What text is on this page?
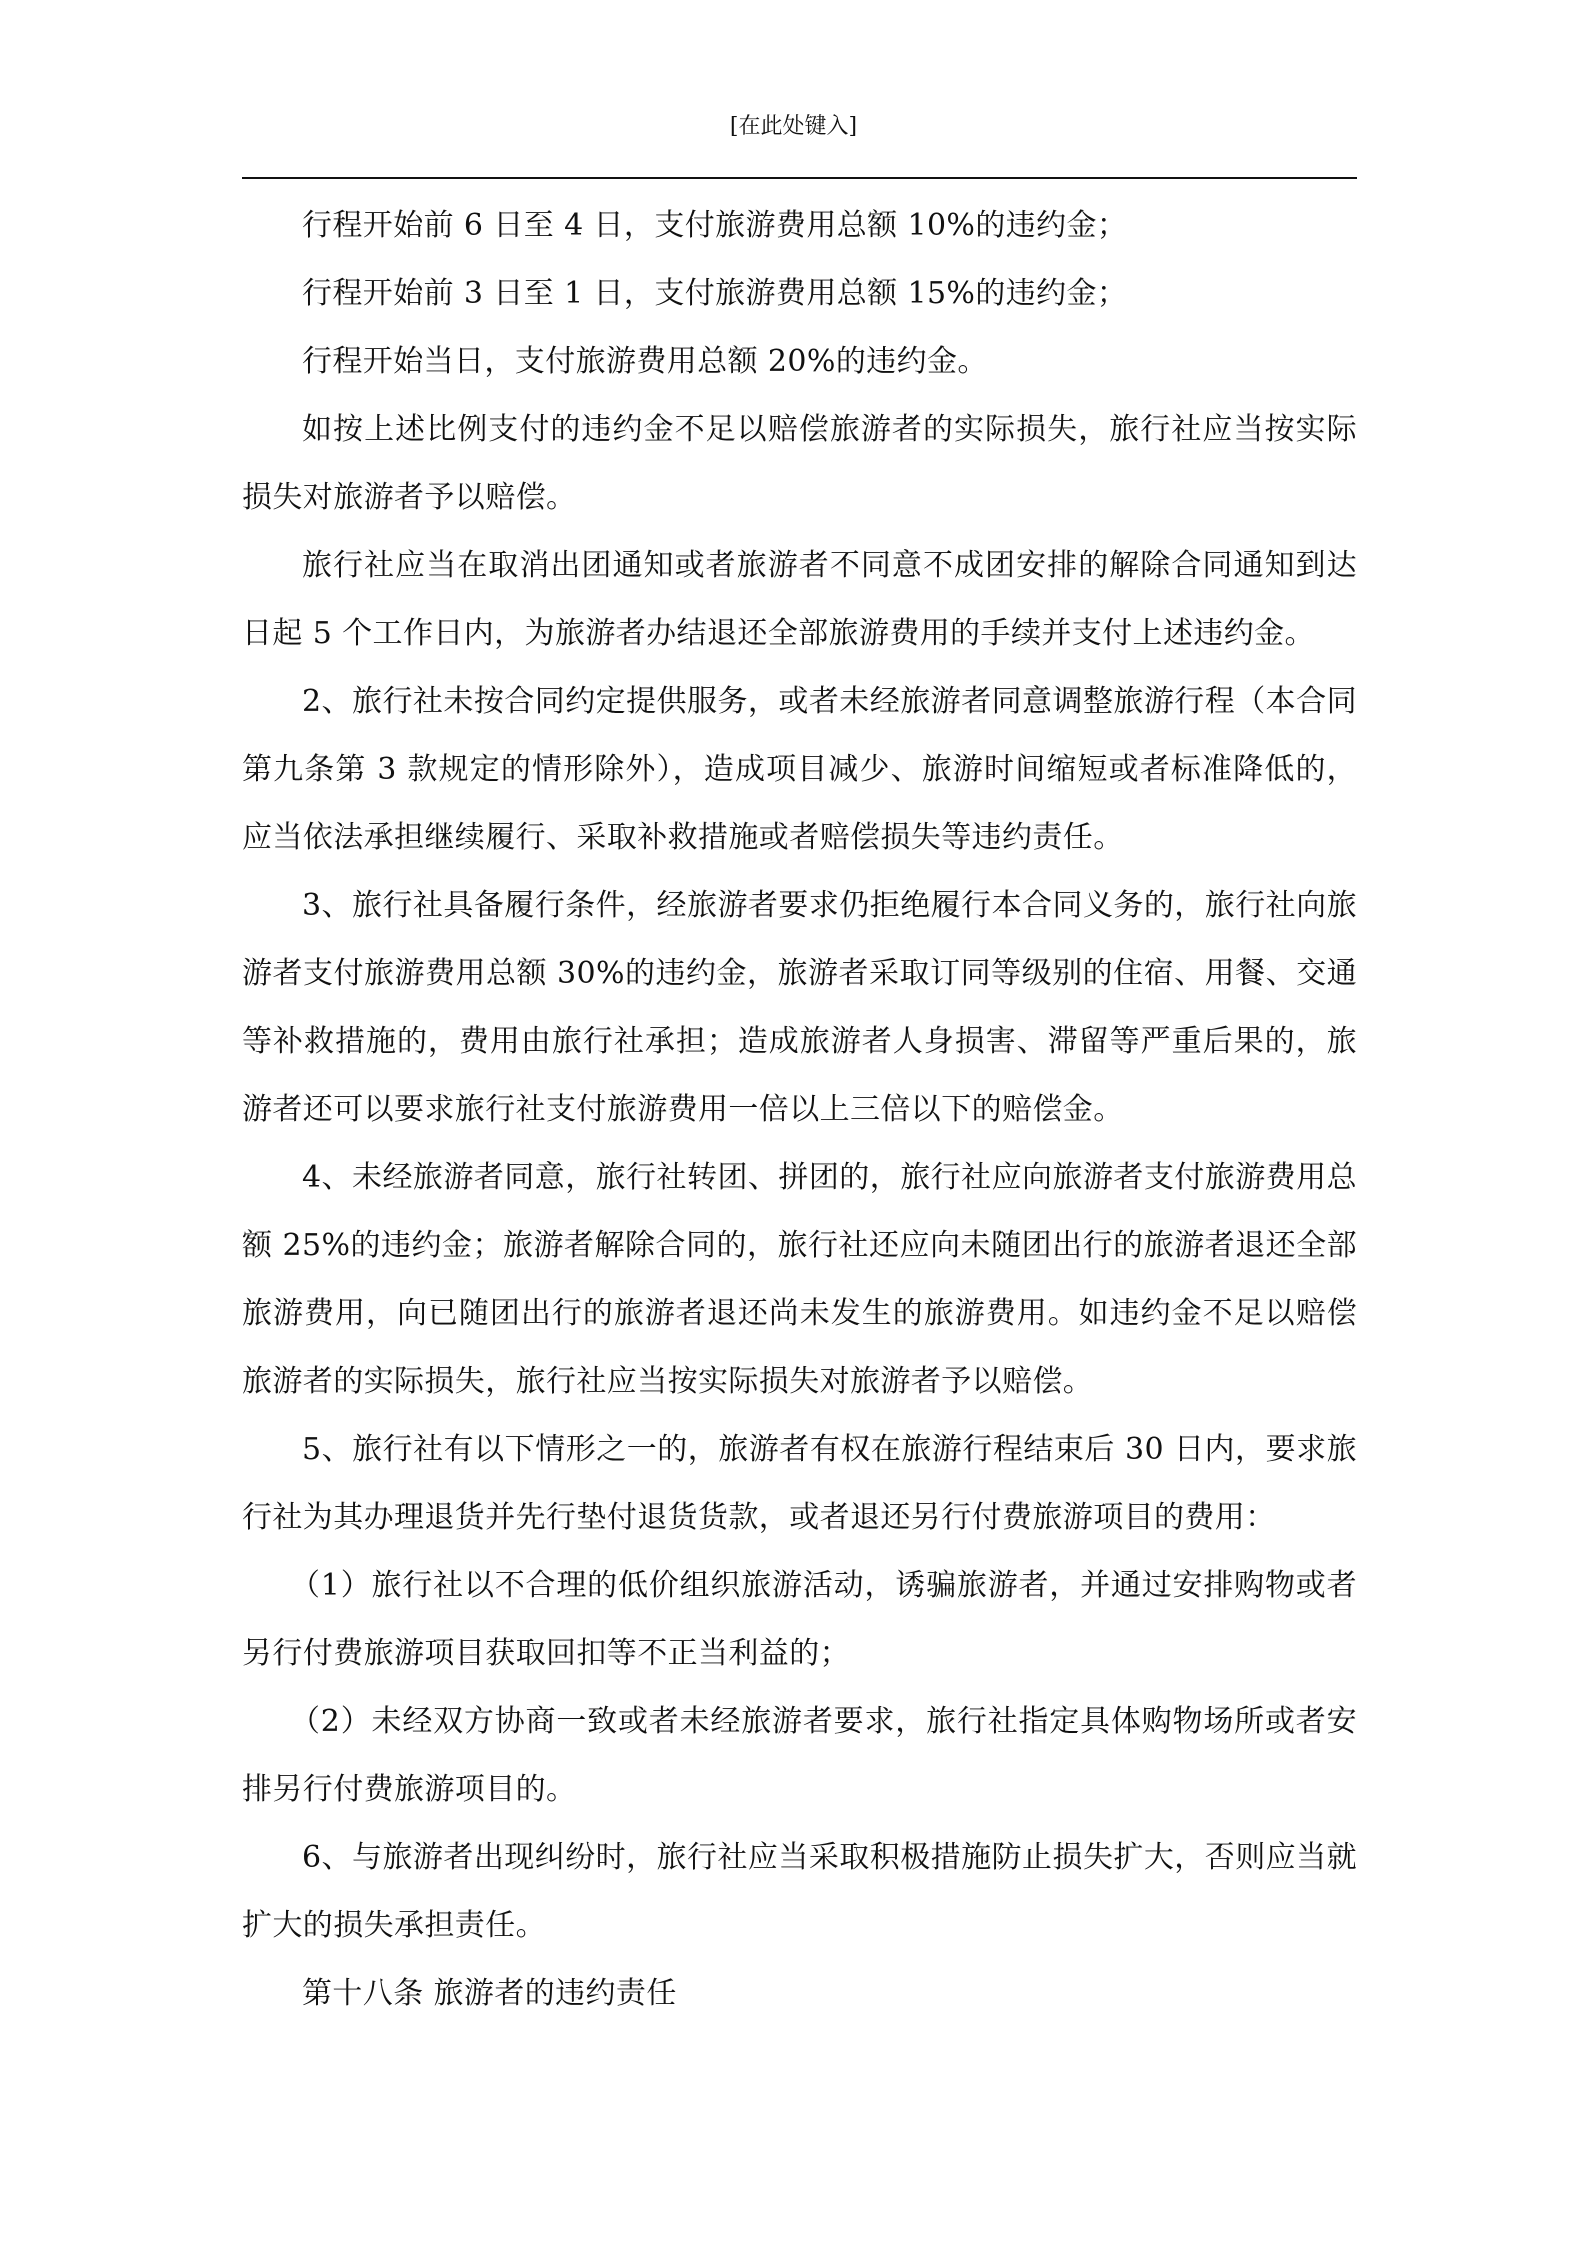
[在此处键入]

行程开始前 6 日至 4 日，支付旅游费用总额 10%的违约金；

行程开始前 3 日至 1 日，支付旅游费用总额 15%的违约金；

行程开始当日，支付旅游费用总额 20%的违约金。

如按上述比例支付的违约金不足以赔偿旅游者的实际损失，旅行社应当按实际损失对旅游者予以赔偿。

旅行社应当在取消出团通知或者旅游者不同意不成团安排的解除合同通知到达日起 5 个工作日内，为旅游者办结退还全部旅游费用的手续并支付上述违约金。

2、旅行社未按合同约定提供服务，或者未经旅游者同意调整旅游行程（本合同第九条第 3 款规定的情形除外），造成项目减少、旅游时间缩短或者标准降低的，应当依法承担继续履行、采取补救措施或者赔偿损失等违约责任。

3、旅行社具备履行条件，经旅游者要求仍拒绝履行本合同义务的，旅行社向旅游者支付旅游费用总额 30%的违约金，旅游者采取订同等级别的住宿、用餐、交通等补救措施的，费用由旅行社承担；造成旅游者人身损害、滞留等严重后果的，旅游者还可以要求旅行社支付旅游费用一倍以上三倍以下的赔偿金。

4、未经旅游者同意，旅行社转团、拼团的，旅行社应向旅游者支付旅游费用总额 25%的违约金；旅游者解除合同的，旅行社还应向未随团出行的旅游者退还全部旅游费用，向已随团出行的旅游者退还尚未发生的旅游费用。如违约金不足以赔偿旅游者的实际损失，旅行社应当按实际损失对旅游者予以赔偿。

5、旅行社有以下情形之一的，旅游者有权在旅游行程结束后 30 日内，要求旅行社为其办理退货并先行垫付退货货款，或者退还另行付费旅游项目的费用：

（1）旅行社以不合理的低价组织旅游活动，诱骗旅游者，并通过安排购物或者另行付费旅游项目获取回扣等不正当利益的；

（2）未经双方协商一致或者未经旅游者要求，旅行社指定具体购物场所或者安排另行付费旅游项目的。

6、与旅游者出现纠纷时，旅行社应当采取积极措施防止损失扩大，否则应当就扩大的损失承担责任。

第十八条 旅游者的违约责任
